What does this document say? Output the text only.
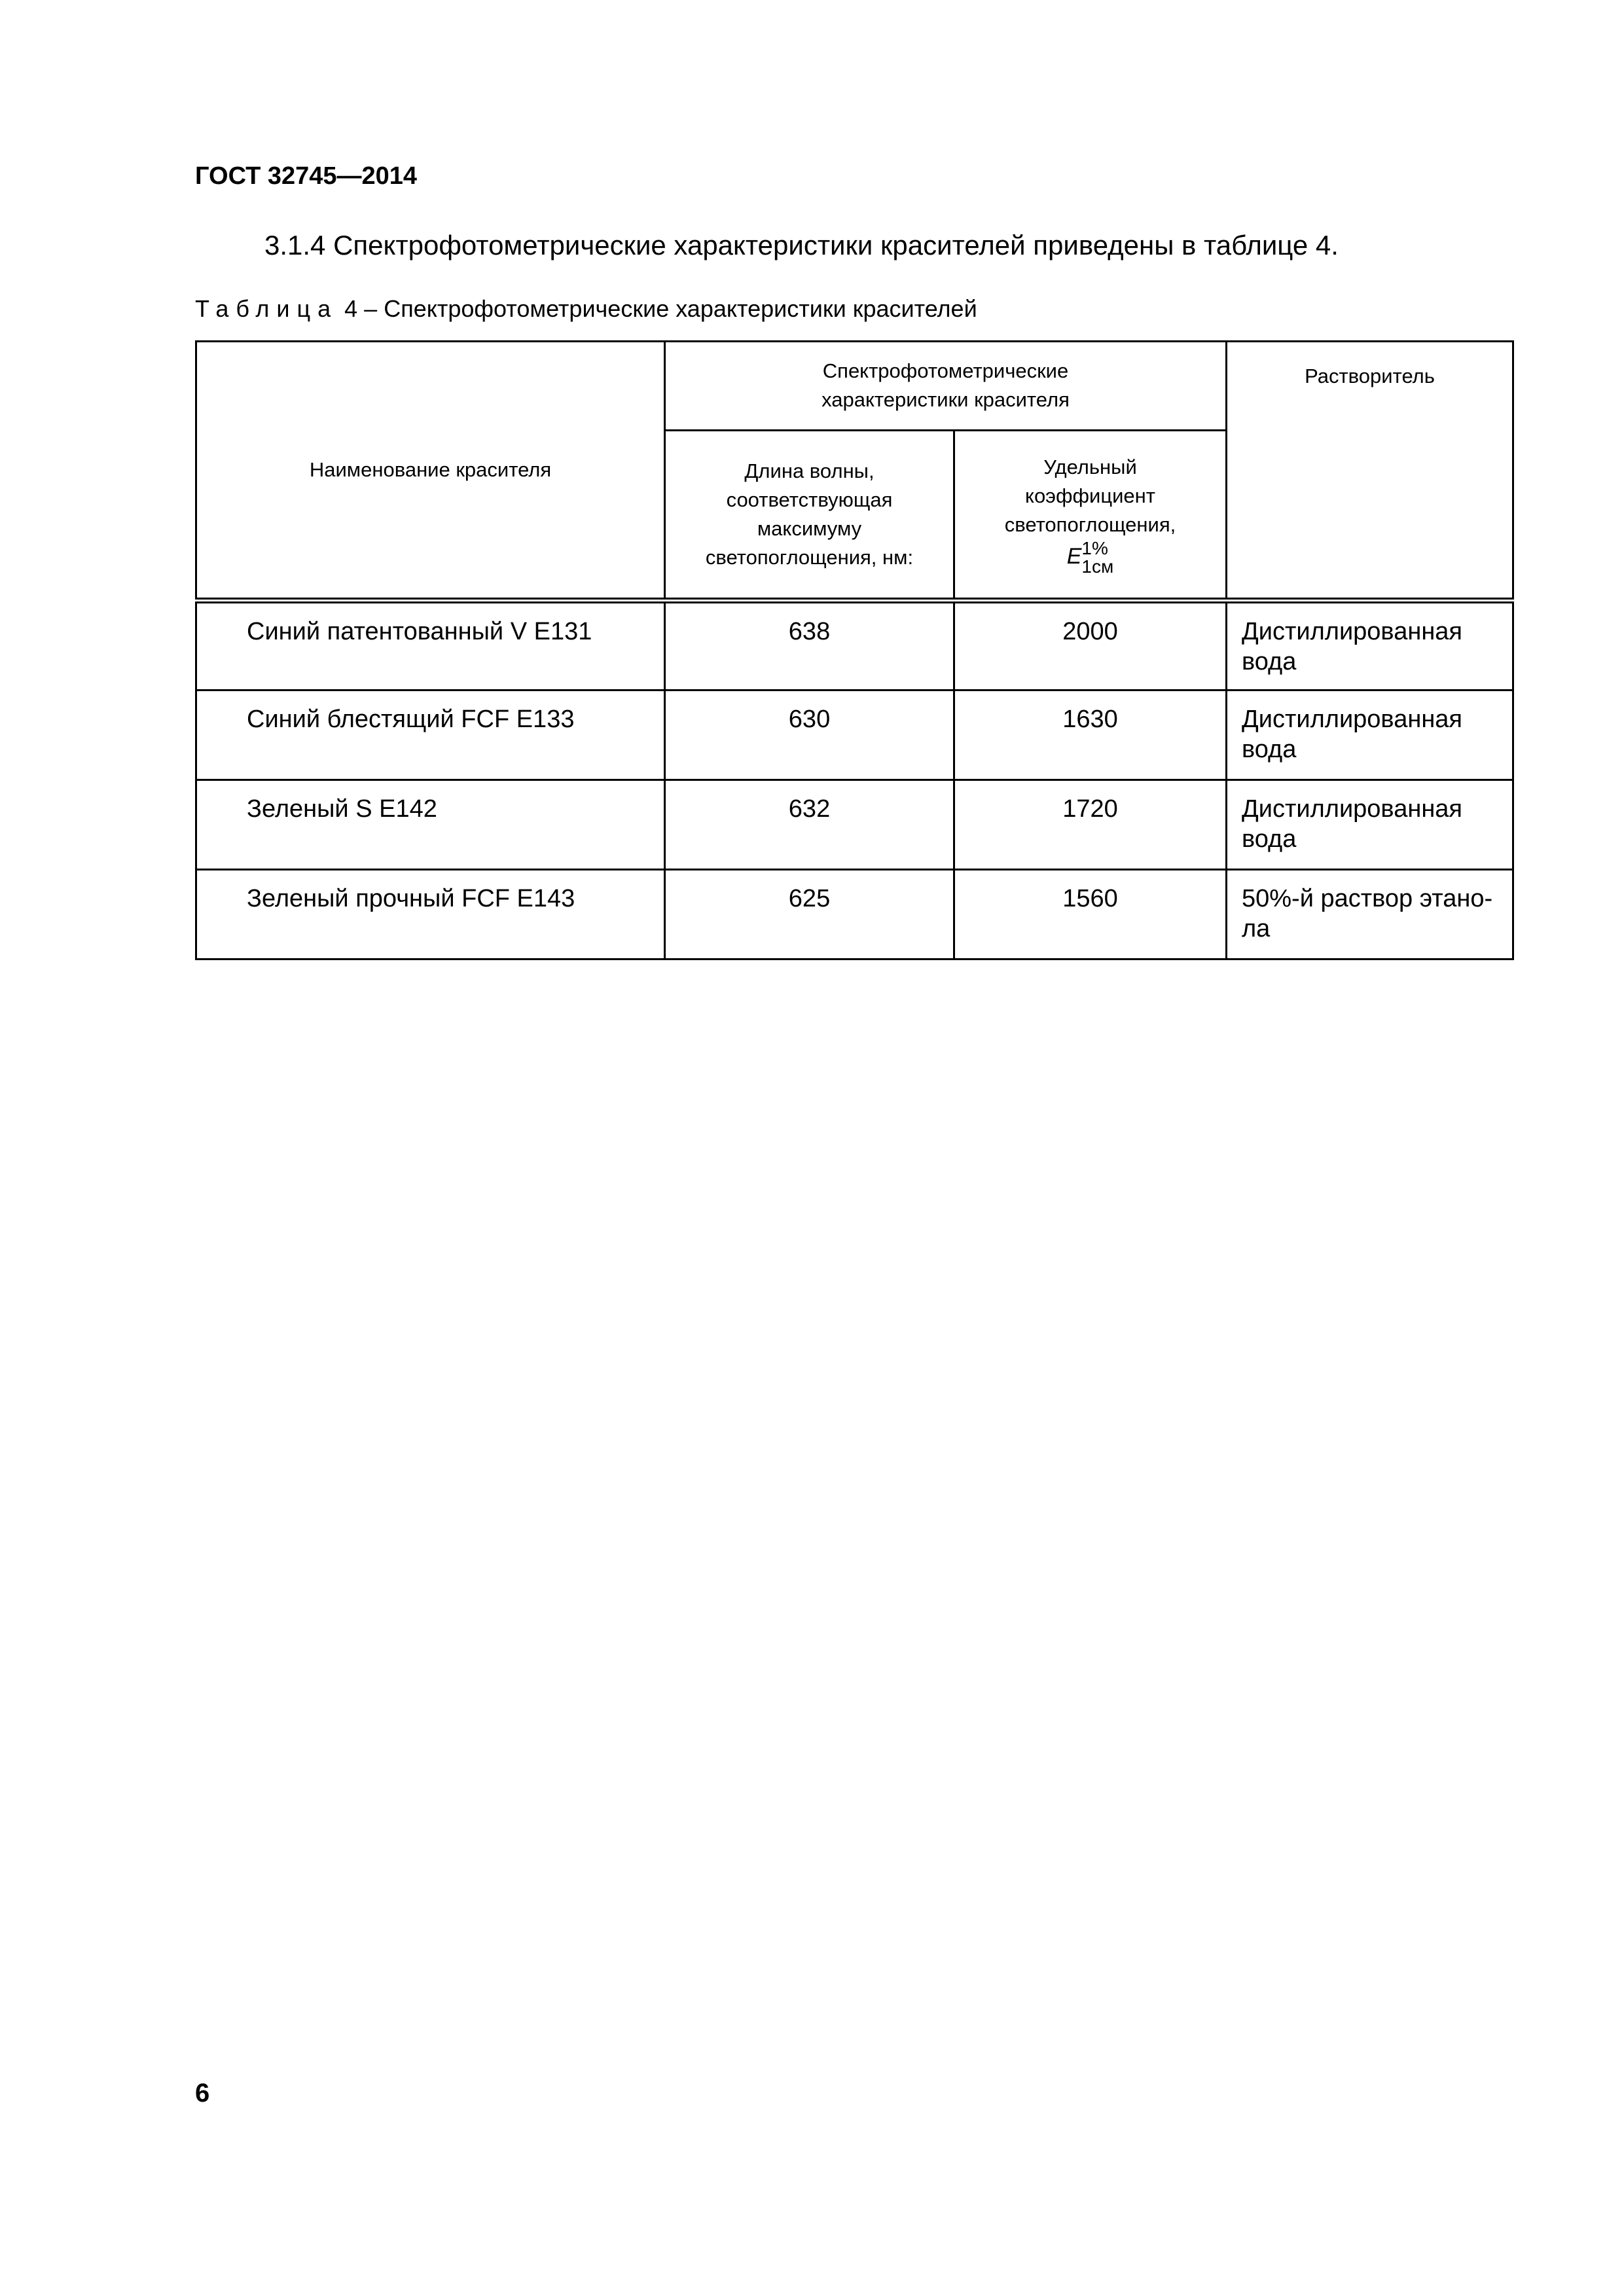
ГОСТ 32745—2014

3.1.4 Спектрофотометрические характеристики красителей приведены в таблице 4.

Таблица 4 – Спектрофотометрические характеристики красителей

Наименование красителя	Спектрофотометрические характеристики красителя		Растворитель

	Длина волны, соответствующая максимуму светопоглощения, нм:	Удельный коэффициент светопоглощения,
E 1%
1см	

Синий патентованный V E131	638	2000	Дистиллированная вода
Синий блестящий FCF E133	630	1630	Дистиллированная вода
Зеленый S E142	632	1720	Дистиллированная вода
Зеленый прочный FCF E143	625	1560	50%-й раствор этано-ла

6
